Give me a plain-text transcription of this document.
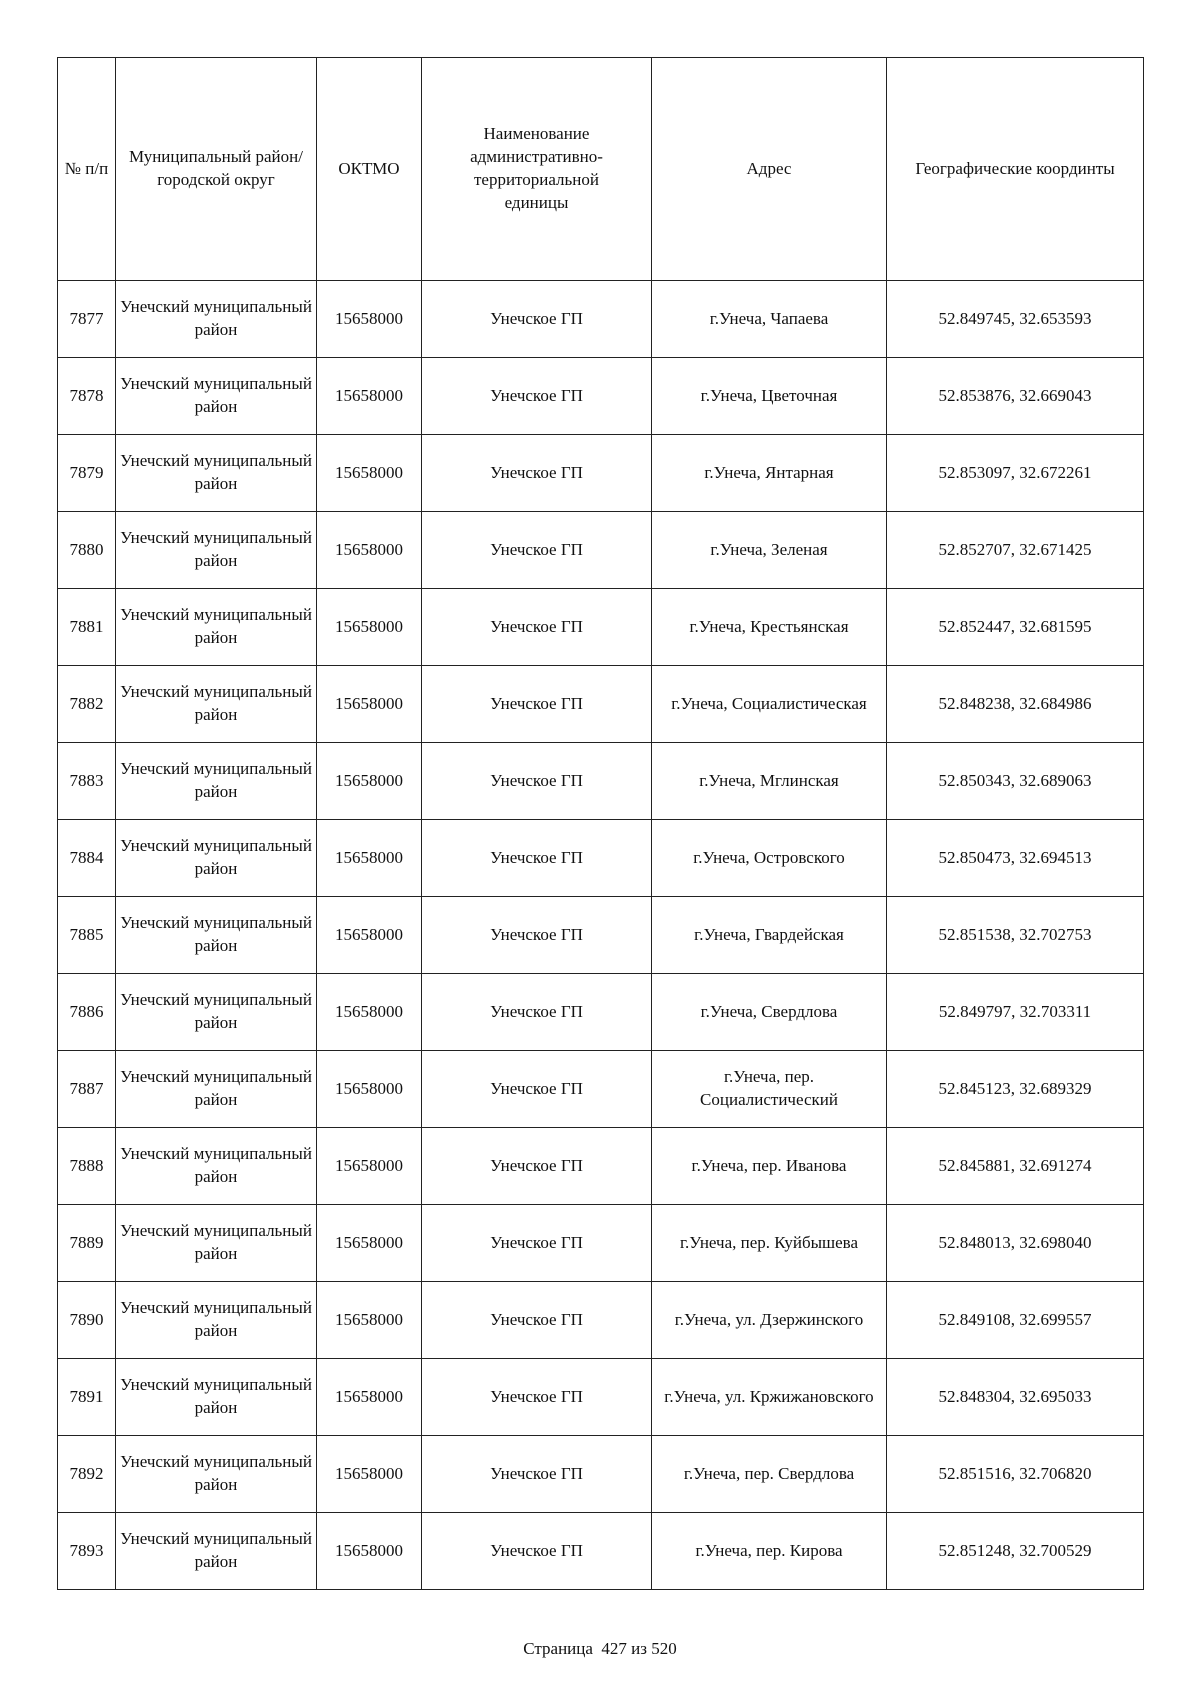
№ п/п	Муниципальный район/городской округ	ОКТМО	Наименование административно-территориальной единицы	Адрес	Географические координты
7877	Унечский муниципальный район	15658000	Унечское ГП	г.Унеча, Чапаева	52.849745, 32.653593
7878	Унечский муниципальный район	15658000	Унечское ГП	г.Унеча, Цветочная	52.853876, 32.669043
7879	Унечский муниципальный район	15658000	Унечское ГП	г.Унеча, Янтарная	52.853097, 32.672261
7880	Унечский муниципальный район	15658000	Унечское ГП	г.Унеча, Зеленая	52.852707, 32.671425
7881	Унечский муниципальный район	15658000	Унечское ГП	г.Унеча, Крестьянская	52.852447, 32.681595
7882	Унечский муниципальный район	15658000	Унечское ГП	г.Унеча, Социалистическая	52.848238, 32.684986
7883	Унечский муниципальный район	15658000	Унечское ГП	г.Унеча, Мглинская	52.850343, 32.689063
7884	Унечский муниципальный район	15658000	Унечское ГП	г.Унеча, Островского	52.850473, 32.694513
7885	Унечский муниципальный район	15658000	Унечское ГП	г.Унеча, Гвардейская	52.851538, 32.702753
7886	Унечский муниципальный район	15658000	Унечское ГП	г.Унеча, Свердлова	52.849797, 32.703311
7887	Унечский муниципальный район	15658000	Унечское ГП	г.Унеча, пер. Социалистический	52.845123, 32.689329
7888	Унечский муниципальный район	15658000	Унечское ГП	г.Унеча, пер. Иванова	52.845881, 32.691274
7889	Унечский муниципальный район	15658000	Унечское ГП	г.Унеча, пер. Куйбышева	52.848013, 32.698040
7890	Унечский муниципальный район	15658000	Унечское ГП	г.Унеча, ул. Дзержинского	52.849108, 32.699557
7891	Унечский муниципальный район	15658000	Унечское ГП	г.Унеча, ул. Кржижановского	52.848304, 32.695033
7892	Унечский муниципальный район	15658000	Унечское ГП	г.Унеча, пер. Свердлова	52.851516, 32.706820
7893	Унечский муниципальный район	15658000	Унечское ГП	г.Унеча, пер. Кирова	52.851248, 32.700529
Страница  427 из 520
